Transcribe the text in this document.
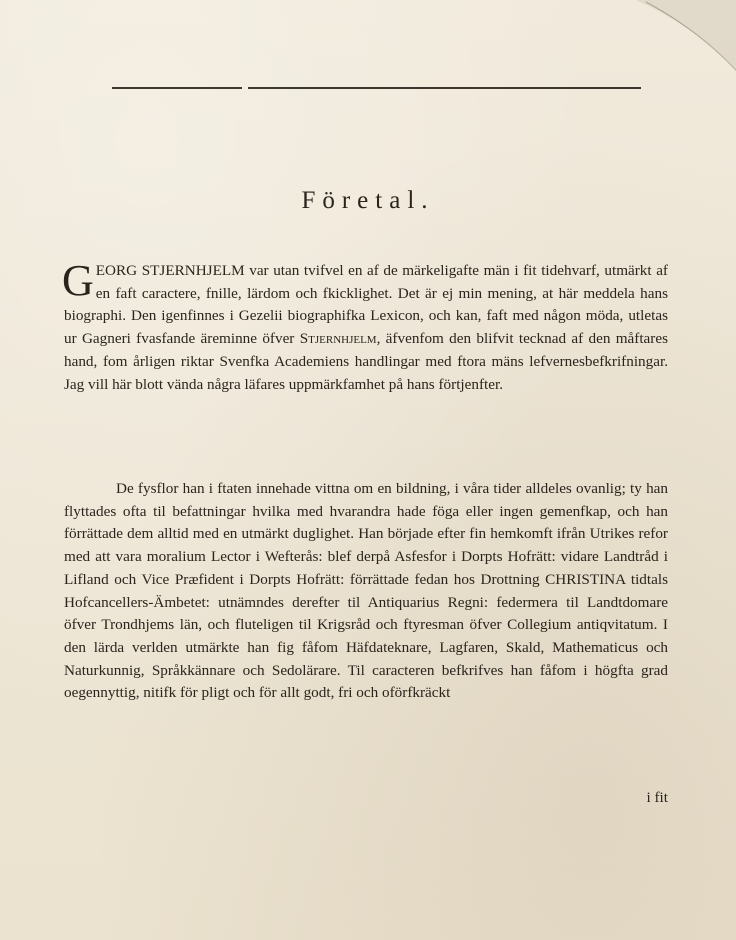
Företal.
GEORG STJERNHJELM var utan tvifvel en af de märkeligafte män i fit tidehvarf, utmärkt af en faft caractere, fnille, lärdom och fkicklighet. Det är ej min mening, at här meddela hans biographi. Den igenfinnes i Gezelii biographifka Lexicon, och kan, faft med någon möda, utletas ur Gagneri fvasfande äreminne öfver Stjernhjelm, äfvenfom den blifvit tecknad af den måftares hand, fom årligen riktar Svenfka Academiens handlingar med ftora mäns lefvernesbefkrifningar. Jag vill här blott vända några läfares uppmärkfamhet på hans förtjenfter.
De fysflor han i ftaten innehade vittna om en bildning, i våra tider alldeles ovanlig; ty han flyttades ofta til befattningar hvilka med hvarandra hade föga eller ingen gemenfkap, och han förrättade dem alltid med en utmärkt duglighet. Han började efter fin hemkomft ifrån Utrikes refor med att vara moralium Lector i Wefterås: blef derpå Asfesfor i Dorpts Hofrätt: vidare Landtråd i Lifland och Vice Præfident i Dorpts Hofrätt: förrättade fedan hos Drottning CHRISTINA tidtals Hofcancellers-Ämbetet: utnämndes derefter til Antiquarius Regni: federmera til Landtdomare öfver Trondhjems län, och fluteligen til Krigsråd och ftyresman öfver Collegium antiqvitatum. I den lärda verlden utmärkte han fig fåfom Häfdateknare, Lagfaren, Skald, Mathematicus och Naturkunnig, Språkkännare och Sedolärare. Til caracteren befkrifves han fåfom i högfta grad oegennyttig, nitifk för pligt och för allt godt, fri och oförfkräckt
i fit
